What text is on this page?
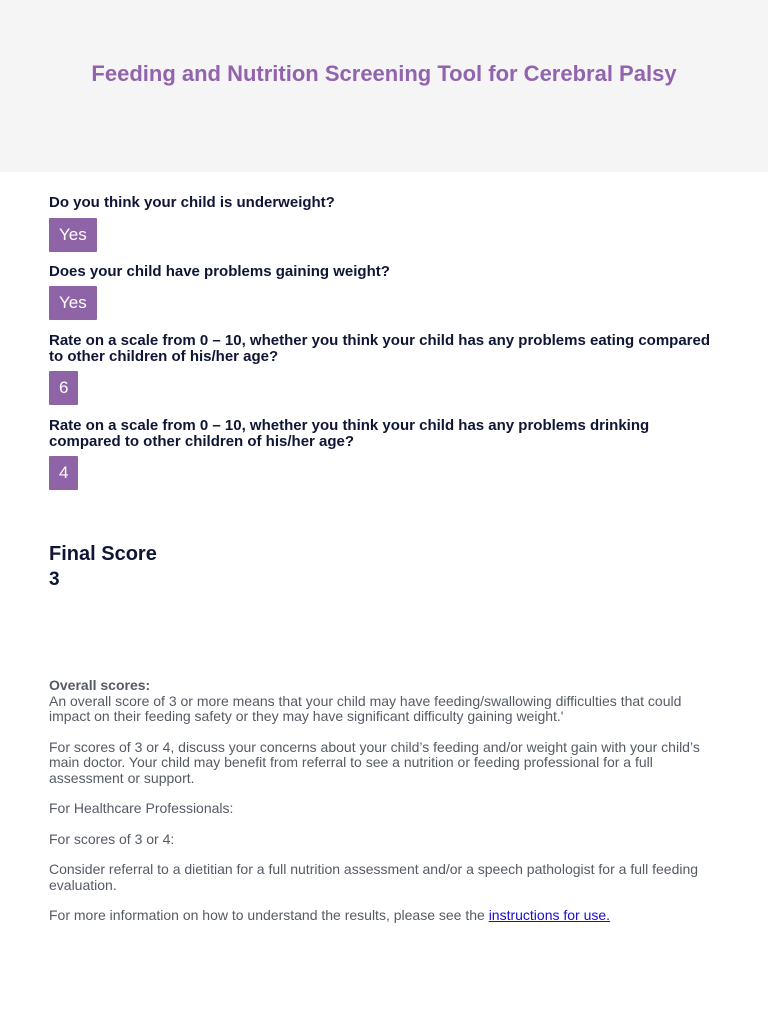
Feeding and Nutrition Screening Tool for Cerebral Palsy
Do you think your child is underweight?
Yes
Does your child have problems gaining weight?
Yes
Rate on a scale from 0 – 10, whether you think your child has any problems eating compared to other children of his/her age?
6
Rate on a scale from 0 – 10, whether you think your child has any problems drinking compared to other children of his/her age?
4
Final Score
3

Overall scores:

An overall score of 3 or more means that your child may have feeding/swallowing difficulties that could impact on their feeding safety or they may have significant difficulty gaining weight.'

For scores of 3 or 4, discuss your concerns about your child’s feeding and/or weight gain with your child’s main doctor. Your child may benefit from referral to see a nutrition or feeding professional for a full assessment or support.

For Healthcare Professionals:

For scores of 3 or 4:

Consider referral to a dietitian for a full nutrition assessment and/or a speech pathologist for a full feeding evaluation.

For more information on how to understand the results, please see the instructions for use.
